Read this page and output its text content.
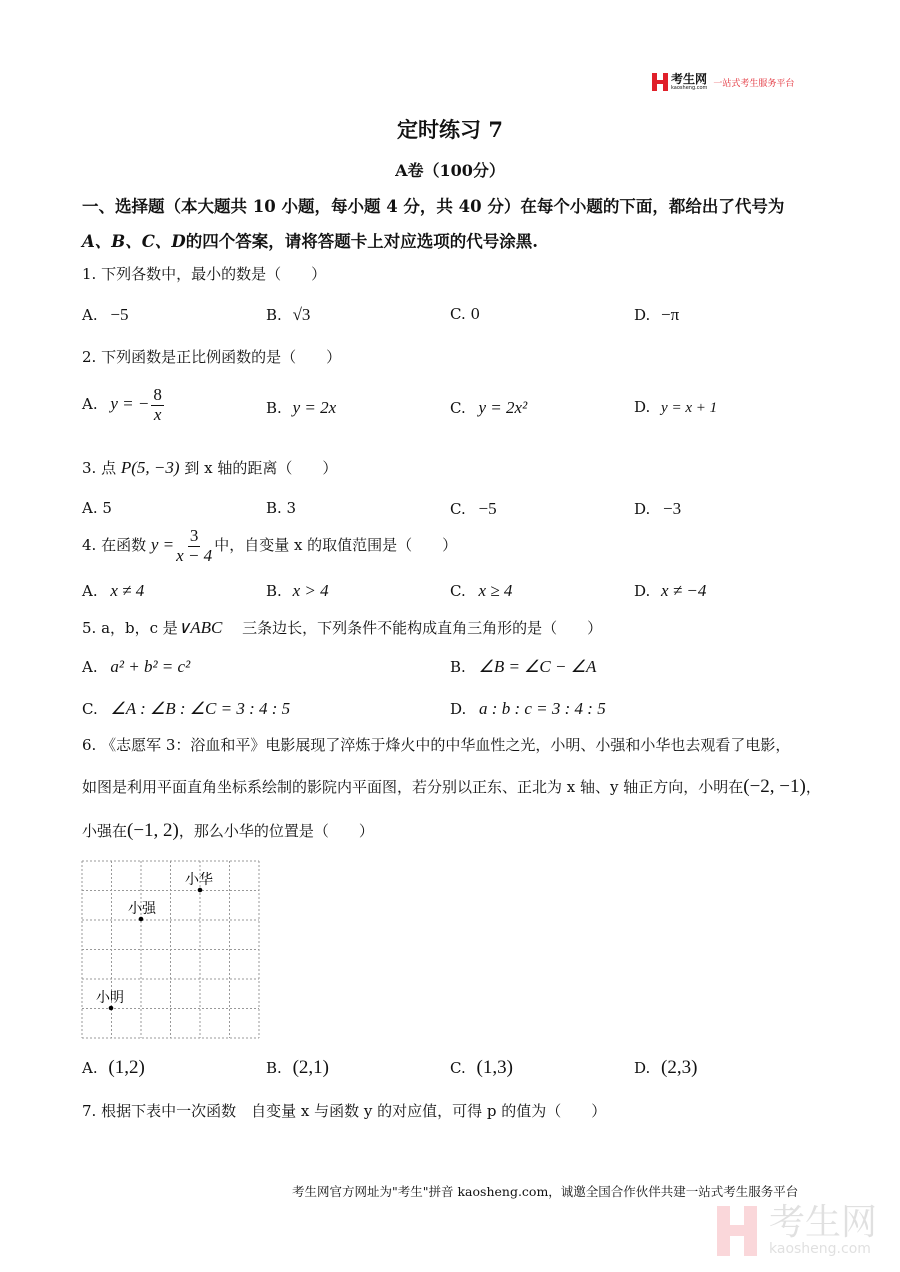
考生网
kaosheng.com 一站式考生服务平台
定时练习 7
A卷（100分）
一、选择题（本大题共 10 小题，每小题 4 分，共 40 分）在每个小题的下面，都给出了代号为
A、B、C、D的四个答案，请将答题卡上对应选项的代号涂黑.
1. 下列各数中，最小的数是（　　）
A. −5	B. √3	C. 0	D. −π
2. 下列函数是正比例函数的是（　　）
A. y = − $\frac{8}{x}$	B. y = 2x	C. y = 2x²	D. y = x + 1
3. 点 P(5, −3) 到 x 轴的距离（　　）
A. 5	B. 3	C. −5	D. −3
4. 在函数 $y = \frac{3}{x - 4}$ 中，自变量 x 的取值范围是（　　）
A. x ≠ 4	B. x > 4	C. x ≥ 4	D. x ≠ −4
5. a，b，c 是∨ABC　 三条边长，下列条件不能构成直角三角形的是（　　）
A. a² + b² = c²	B. ∠B = ∠C − ∠A
C. ∠A : ∠B : ∠C = 3 : 4 : 5	D. a : b : c = 3 : 4 : 5
6. 《志愿军 3：浴血和平》电影展现了淬炼于烽火中的中华血性之光，小明、小强和小华也去观看了电影，
如图是利用平面直角坐标系绘制的影院内平面图，若分别以正东、正北为 x 轴、y 轴正方向，小明在(−2, −1)，
小强在(−1, 2)，那么小华的位置是（　　）
小华
小强
小明
A. (1,2)	B. (2,1)	C. (1,3)	D. (2,3)
7. 根据下表中一次函数　自变量 x 与函数 y 的对应值，可得 p 的值为（　　）
考生网官方网址为"考生"拼音 kaosheng.com，诚邀全国合作伙伴共建一站式考生服务平台
考生网
kaosheng.com
